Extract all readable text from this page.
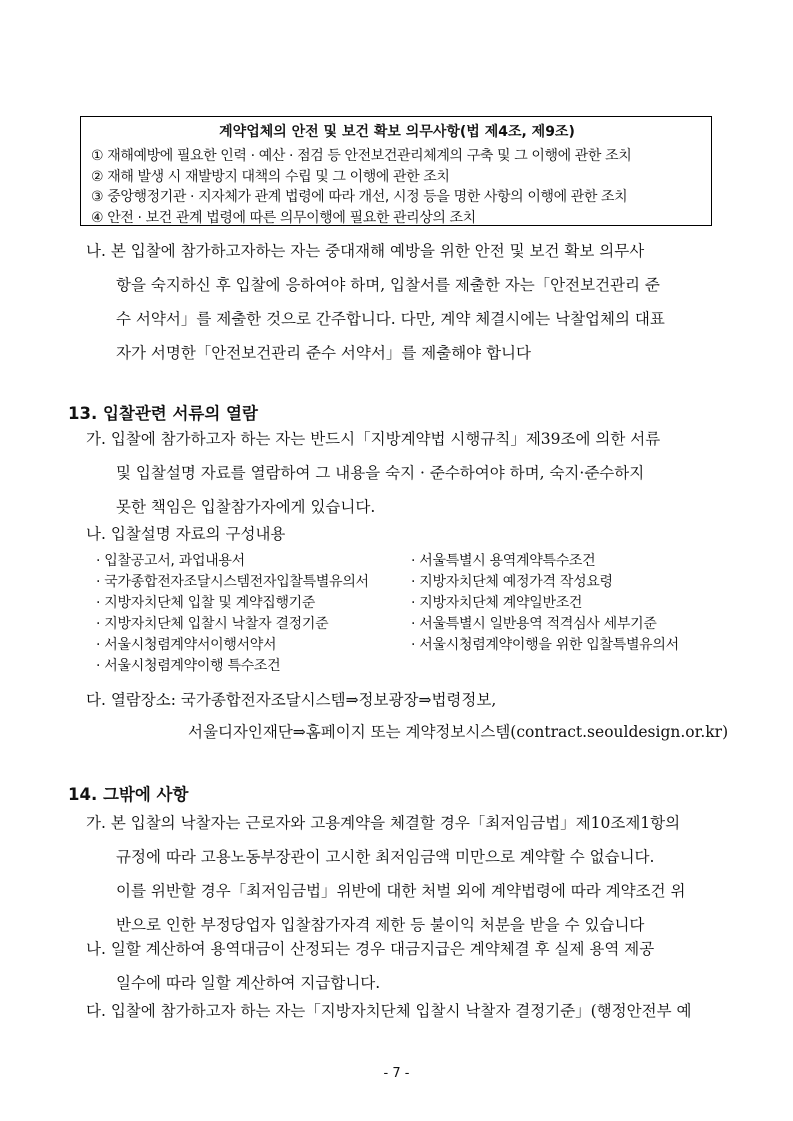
계약업체의 안전 및 보건 확보 의무사항(법 제4조, 제9조)
① 재해예방에 필요한 인력 · 예산 · 점검 등 안전보건관리체계의 구축 및 그 이행에 관한 조치
② 재해 발생 시 재발방지 대책의 수립 및 그 이행에 관한 조치
③ 중앙행정기관 · 지자체가 관계 법령에 따라 개선, 시정 등을 명한 사항의 이행에 관한 조치
④ 안전 · 보건 관계 법령에 따른 의무이행에 필요한 관리상의 조치
나. 본 입찰에 참가하고자하는 자는 중대재해 예방을 위한 안전 및 보건 확보 의무사
항을 숙지하신 후 입찰에 응하여야 하며, 입찰서를 제출한 자는「안전보건관리 준
수 서약서」를 제출한 것으로 간주합니다. 다만, 계약 체결시에는 낙찰업체의 대표
자가 서명한「안전보건관리 준수 서약서」를 제출해야 합니다
13. 입찰관련 서류의 열람
가. 입찰에 참가하고자 하는 자는 반드시「지방계약법 시행규칙」제39조에 의한 서류
및 입찰설명 자료를 열람하여 그 내용을 숙지 · 준수하여야 하며, 숙지·준수하지
못한 책임은 입찰참가자에게 있습니다.
나. 입찰설명 자료의 구성내용
· 입찰공고서, 과업내용서
· 국가종합전자조달시스템전자입찰특별유의서
· 지방자치단체 입찰 및 계약집행기준
· 지방자치단체 입찰시 낙찰자 결정기준
· 서울시청렴계약서이행서약서
· 서울시청렴계약이행 특수조건
· 서울특별시 용역계약특수조건
· 지방자치단체 예정가격 작성요령
· 지방자치단체 계약일반조건
· 서울특별시 일반용역 적격심사 세부기준
· 서울시청렴계약이행을 위한 입찰특별유의서
다. 열람장소: 국가종합전자조달시스템⇒정보광장⇒법령정보,
서울디자인재단⇒홈페이지 또는 계약정보시스템(contract.seouldesign.or.kr)
14. 그밖에 사항
가. 본 입찰의 낙찰자는 근로자와 고용계약을 체결할 경우「최저임금법」제10조제1항의
규정에 따라 고용노동부장관이 고시한 최저임금액 미만으로 계약할 수 없습니다.
이를 위반할 경우「최저임금법」위반에 대한 처벌 외에 계약법령에 따라 계약조건 위
반으로 인한 부정당업자 입찰참가자격 제한 등 불이익 처분을 받을 수 있습니다
나. 일할 계산하여 용역대금이 산정되는 경우 대금지급은 계약체결 후 실제 용역 제공
일수에 따라 일할 계산하여 지급합니다.
다. 입찰에 참가하고자 하는 자는「지방자치단체 입찰시 낙찰자 결정기준」(행정안전부 예
- 7 -
